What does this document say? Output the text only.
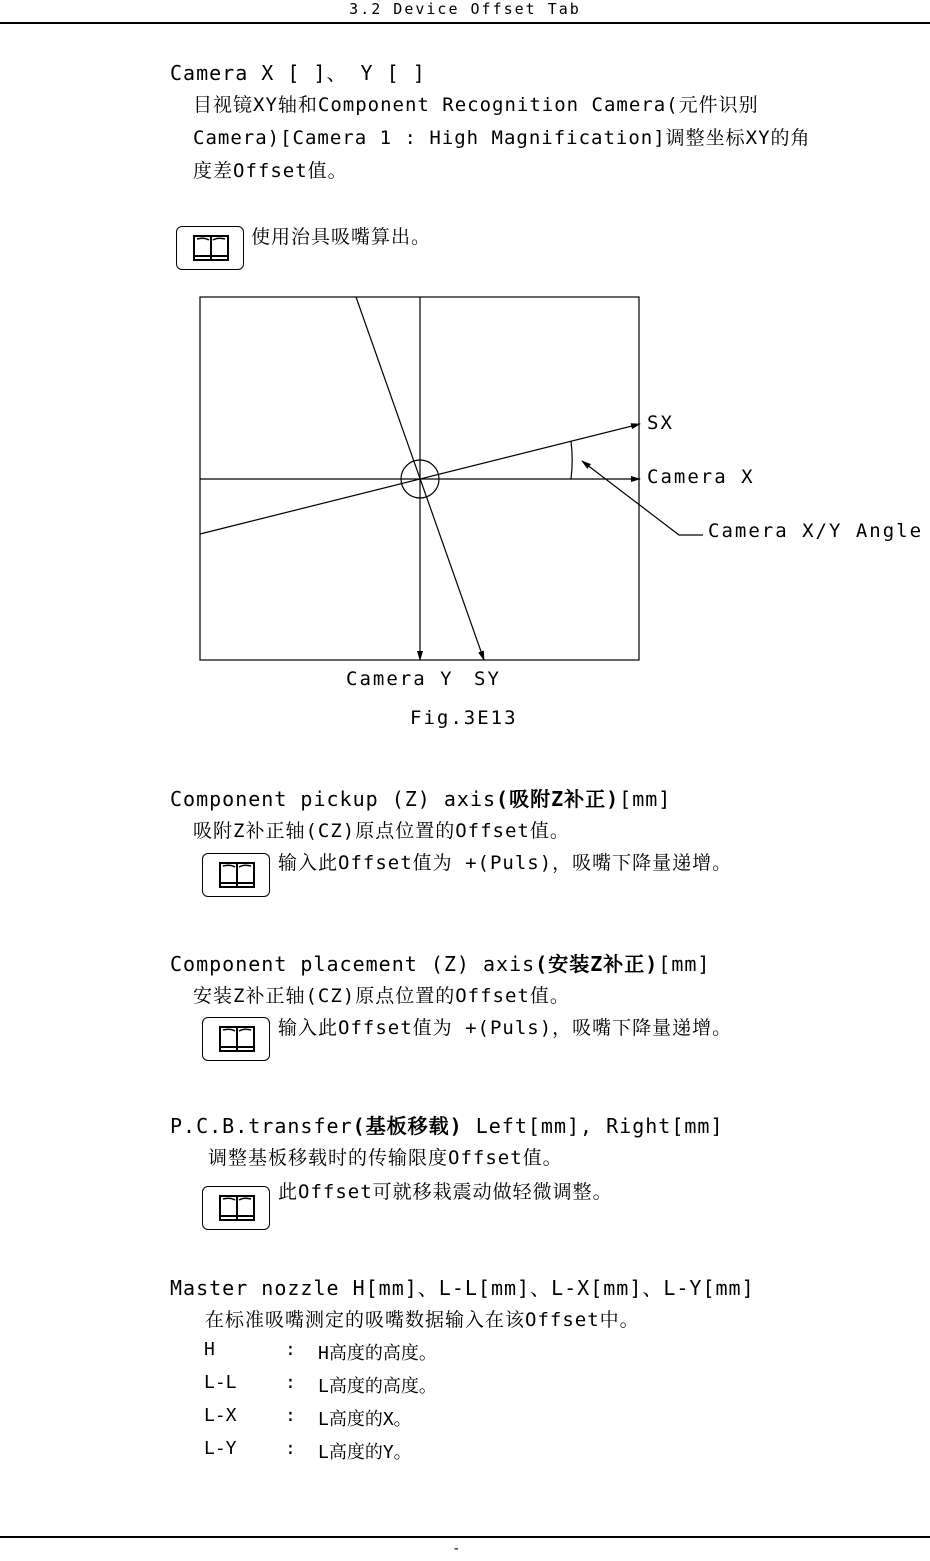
3.2 Device Offset Tab
Camera X [ ]、 Y [ ]
目视镜XY轴和Component Recognition Camera(元件识别
Camera)[Camera 1 : High Magnification]调整坐标XY的角
度差Offset值。
使用治具吸嘴算出。
SX
Camera X
Camera X/Y Angle
Camera Y SY
Fig.3E13
Component pickup (Z) axis(吸附Z补正)[mm]
吸附Z补正轴(CZ)原点位置的Offset值。
输入此Offset值为 +(Puls)，吸嘴下降量递增。
Component placement (Z) axis(安装Z补正)[mm]
安装Z补正轴(CZ)原点位置的Offset值。
输入此Offset值为 +(Puls)，吸嘴下降量递增。
P.C.B.transfer(基板移载) Left[mm], Right[mm]
调整基板移载时的传输限度Offset值。
此Offset可就移栽震动做轻微调整。
Master nozzle H[mm]、L-L[mm]、L-X[mm]、L-Y[mm]
在标准吸嘴测定的吸嘴数据输入在该Offset中。
H	: H高度的高度。
L-L	: L高度的高度。
L-X	: L高度的X。
L-Y	: L高度的Y。
-
